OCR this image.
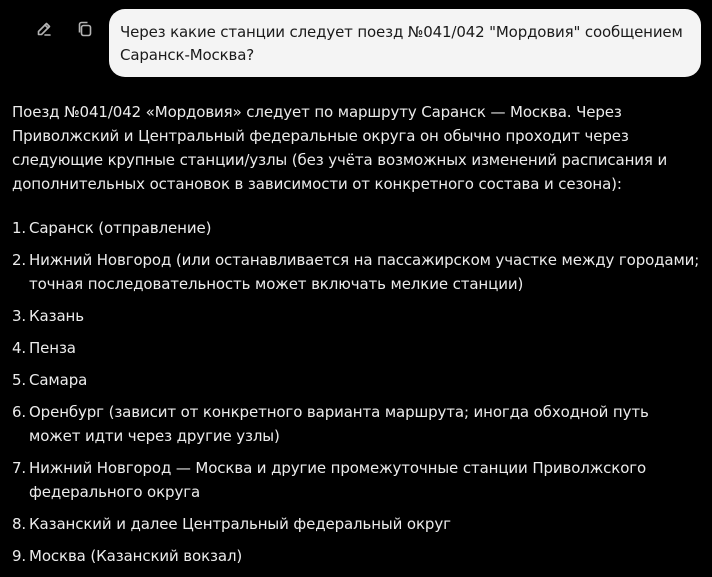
Через какие станции следует поезд №041/042 "Мордовия" сообщением Саранск-Москва?

Поезд №041/042 «Мордовия» следует по маршруту Саранск — Москва. Через Приволжский и Центральный федеральные округа он обычно проходит через следующие крупные станции/узлы (без учёта возможных изменений расписания и дополнительных остановок в зависимости от конкретного состава и сезона):

1. Саранск (отправление)
2. Нижний Новгород (или останавливается на пассажирском участке между городами; точная последовательность может включать мелкие станции)
3. Казань
4. Пенза
5. Самара
6. Оренбург (зависит от конкретного варианта маршрута; иногда обходной путь может идти через другие узлы)
7. Нижний Новгород — Москва и другие промежуточные станции Приволжского федерального округа
8. Казанский и далее Центральный федеральный округ
9. Москва (Казанский вокзал)
